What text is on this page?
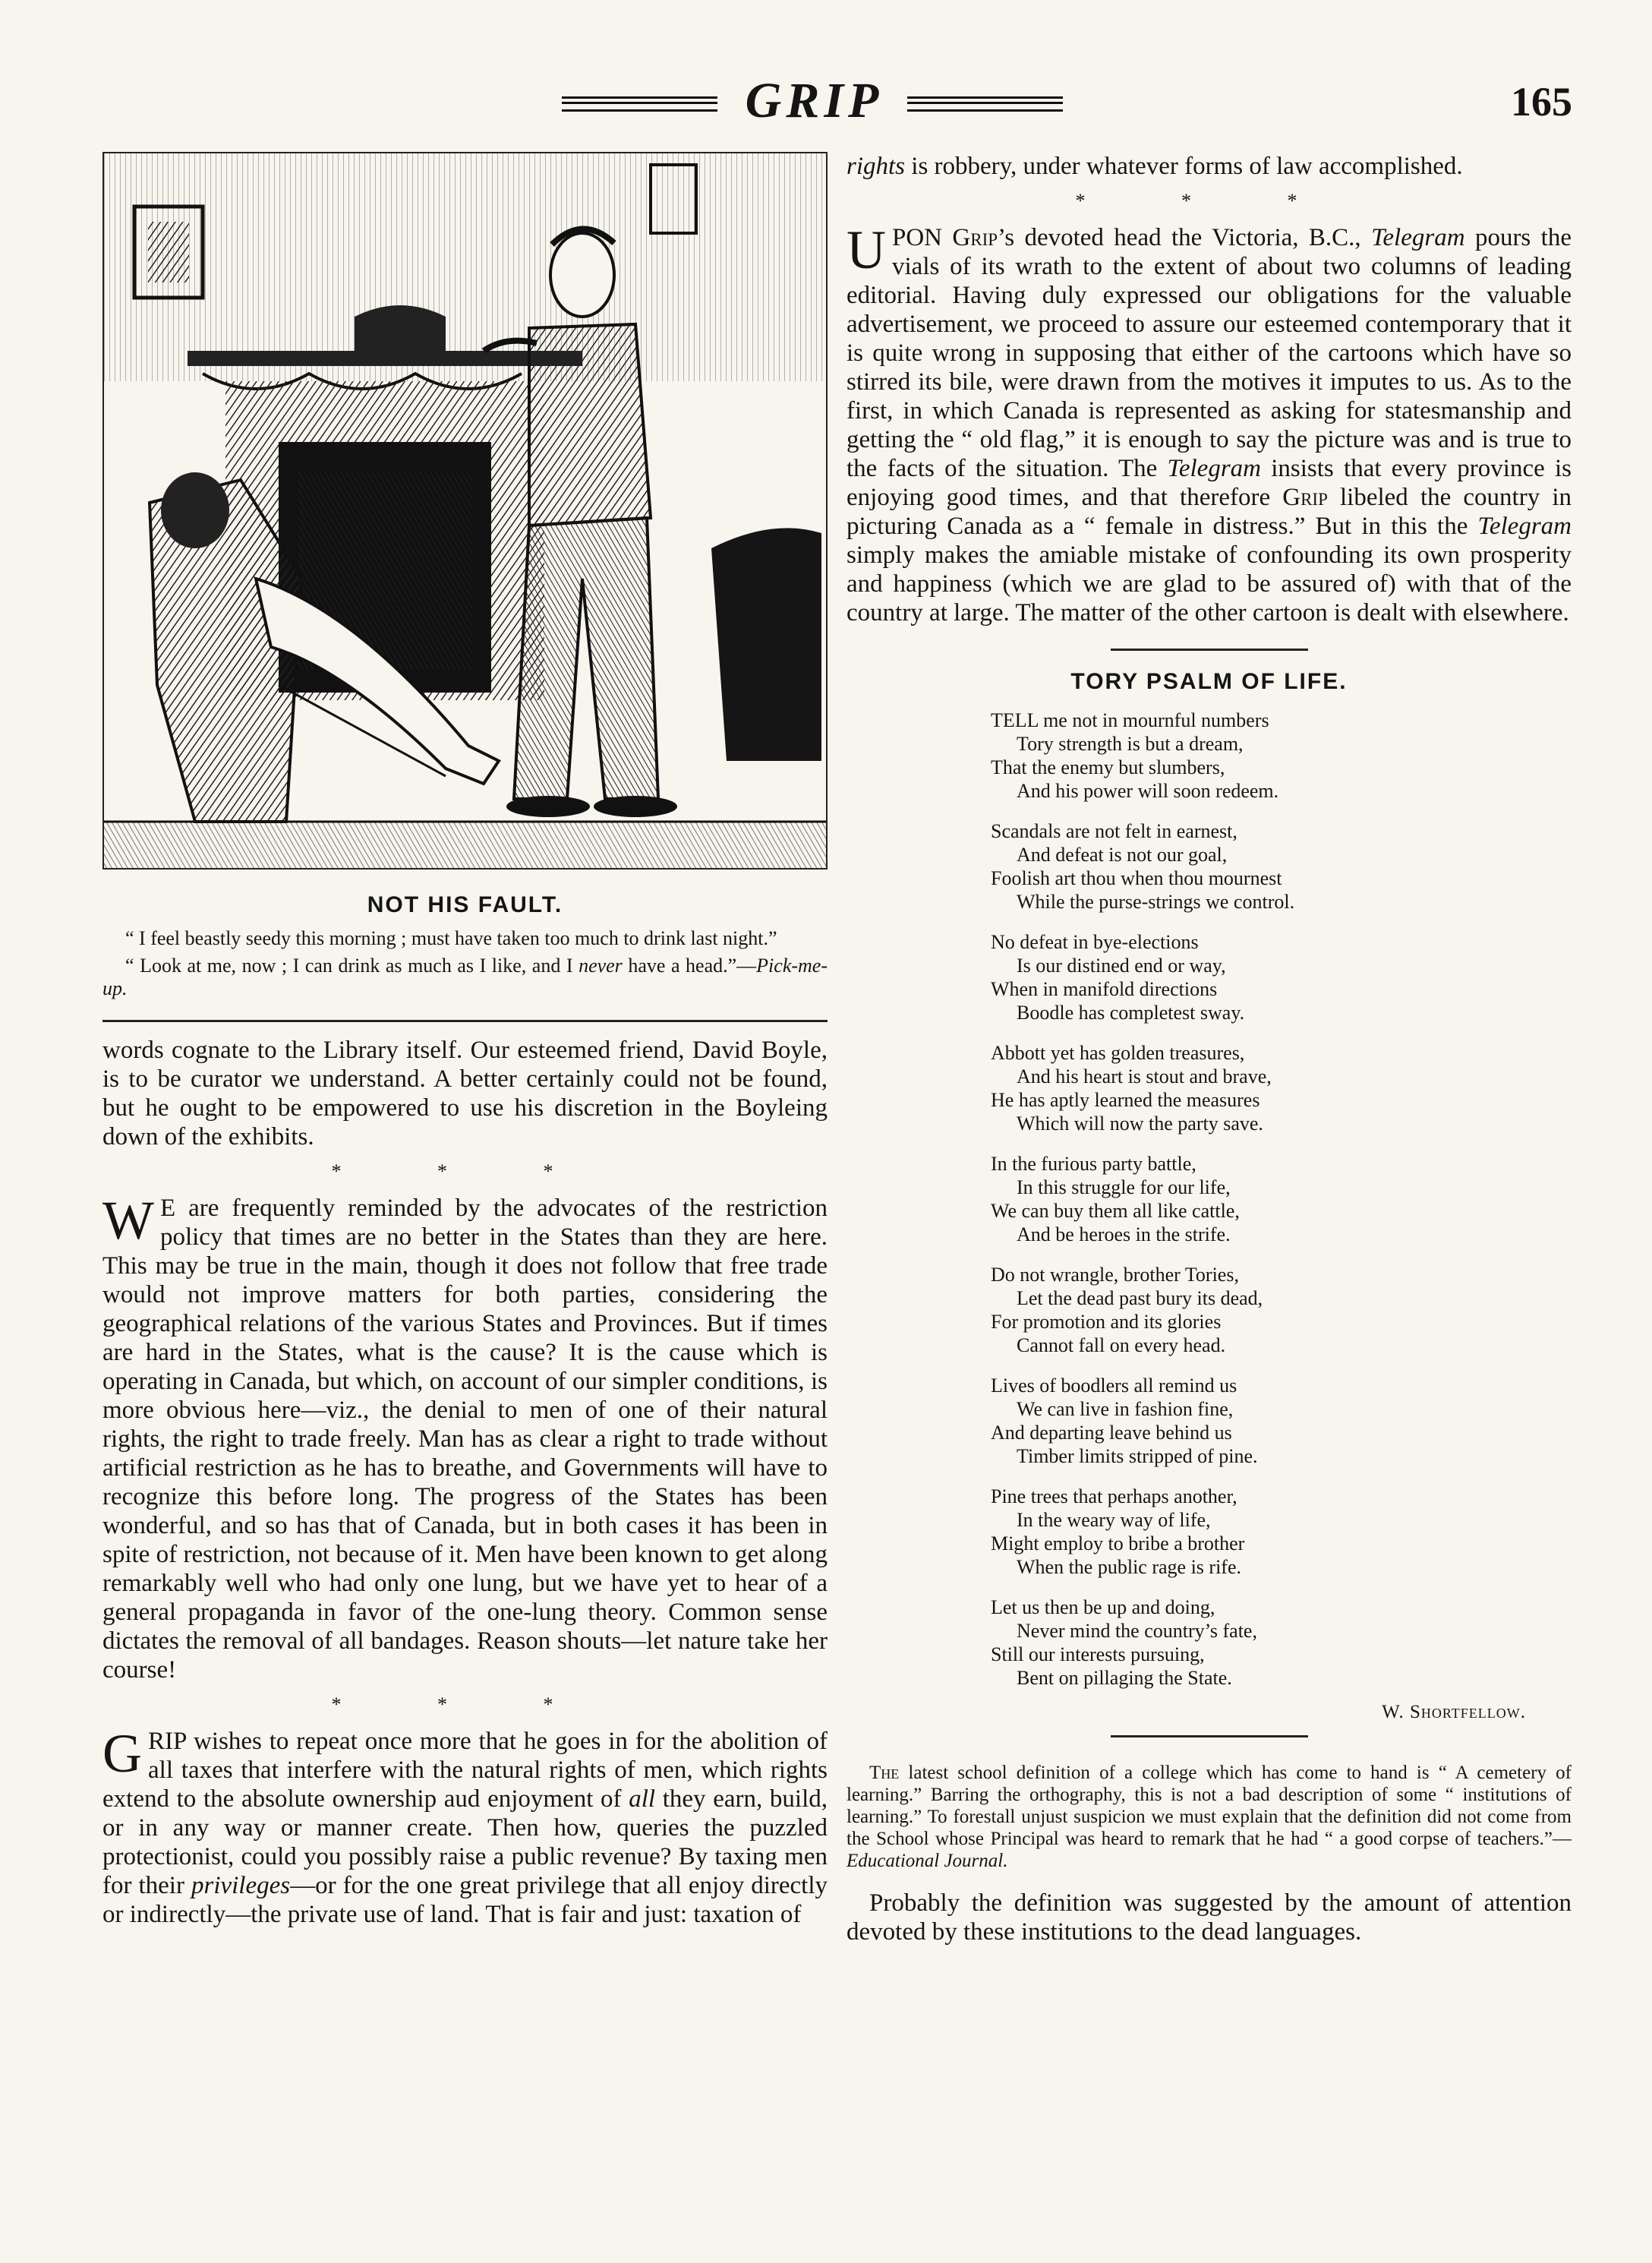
GRIP	165
NOT HIS FAULT.

“ I feel beastly seedy this morning ; must have taken too much to drink last night.”

“ Look at me, now ; I can drink as much as I like, and I never have a head.”—Pick-me-up.

words cognate to the Library itself. Our esteemed friend, David Boyle, is to be curator we understand. A better certainly could not be found, but he ought to be empowered to use his discretion in the Boyleing down of the exhibits.

* * *

W E are frequently reminded by the advocates of the restriction policy that times are no better in the States than they are here. This may be true in the main, though it does not follow that free trade would not improve matters for both parties, considering the geographical relations of the various States and Provinces. But if times are hard in the States, what is the cause? It is the cause which is operating in Canada, but which, on account of our simpler conditions, is more obvious here—viz., the denial to men of one of their natural rights, the right to trade freely. Man has as clear a right to trade without artificial restriction as he has to breathe, and Governments will have to recognize this before long. The progress of the States has been wonderful, and so has that of Canada, but in both cases it has been in spite of restriction, not because of it. Men have been known to get along remarkably well who had only one lung, but we have yet to hear of a general propaganda in favor of the one-lung theory. Common sense dictates the removal of all bandages. Reason shouts—let nature take her course!

* * *

GRIP wishes to repeat once more that he goes in for the abolition of all taxes that interfere with the natural rights of men, which rights extend to the absolute ownership aud enjoyment of all they earn, build, or in any way or manner create. Then how, queries the puzzled protectionist, could you possibly raise a public revenue? By taxing men for their privileges—or for the one great privilege that all enjoy directly or indirectly—the private use of land. That is fair and just: taxation of

rights is robbery, under whatever forms of law accomplished.

* * *

UPON Grip’s devoted head the Victoria, B.C., Telegram pours the vials of its wrath to the extent of about two columns of leading editorial. Having duly expressed our obligations for the valuable advertisement, we proceed to assure our esteemed contemporary that it is quite wrong in supposing that either of the cartoons which have so stirred its bile, were drawn from the motives it imputes to us. As to the first, in which Canada is represented as asking for statesmanship and getting the “ old flag,” it is enough to say the picture was and is true to the facts of the situation. The Telegram insists that every province is enjoying good times, and that therefore Grip libeled the country in picturing Canada as a “ female in distress.” But in this the Telegram simply makes the amiable mistake of confounding its own prosperity and happiness (which we are glad to be assured of) with that of the country at large. The matter of the other cartoon is dealt with elsewhere.

TORY PSALM OF LIFE.
TELL me not in mournful numbers
Tory strength is but a dream,
That the enemy but slumbers,
And his power will soon redeem.
Scandals are not felt in earnest,
And defeat is not our goal,
Foolish art thou when thou mournest
While the purse-strings we control.
No defeat in bye-elections
Is our distined end or way,
When in manifold directions
Boodle has completest sway.
Abbott yet has golden treasures,
And his heart is stout and brave,
He has aptly learned the measures
Which will now the party save.
In the furious party battle,
In this struggle for our life,
We can buy them all like cattle,
And be heroes in the strife.
Do not wrangle, brother Tories,
Let the dead past bury its dead,
For promotion and its glories
Cannot fall on every head.
Lives of boodlers all remind us
We can live in fashion fine,
And departing leave behind us
Timber limits stripped of pine.
Pine trees that perhaps another,
In the weary way of life,
Might employ to bribe a brother
When the public rage is rife.
Let us then be up and doing,
Never mind the country’s fate,
Still our interests pursuing,
Bent on pillaging the State.
W. Shortfellow.

The latest school definition of a college which has come to hand is “ A cemetery of learning.” Barring the orthography, this is not a bad description of some “ institutions of learning.” To forestall unjust suspicion we must explain that the definition did not come from the School whose Principal was heard to remark that he had “ a good corpse of teachers.”—Educational Journal.

Probably the definition was suggested by the amount of attention devoted by these institutions to the dead languages.
